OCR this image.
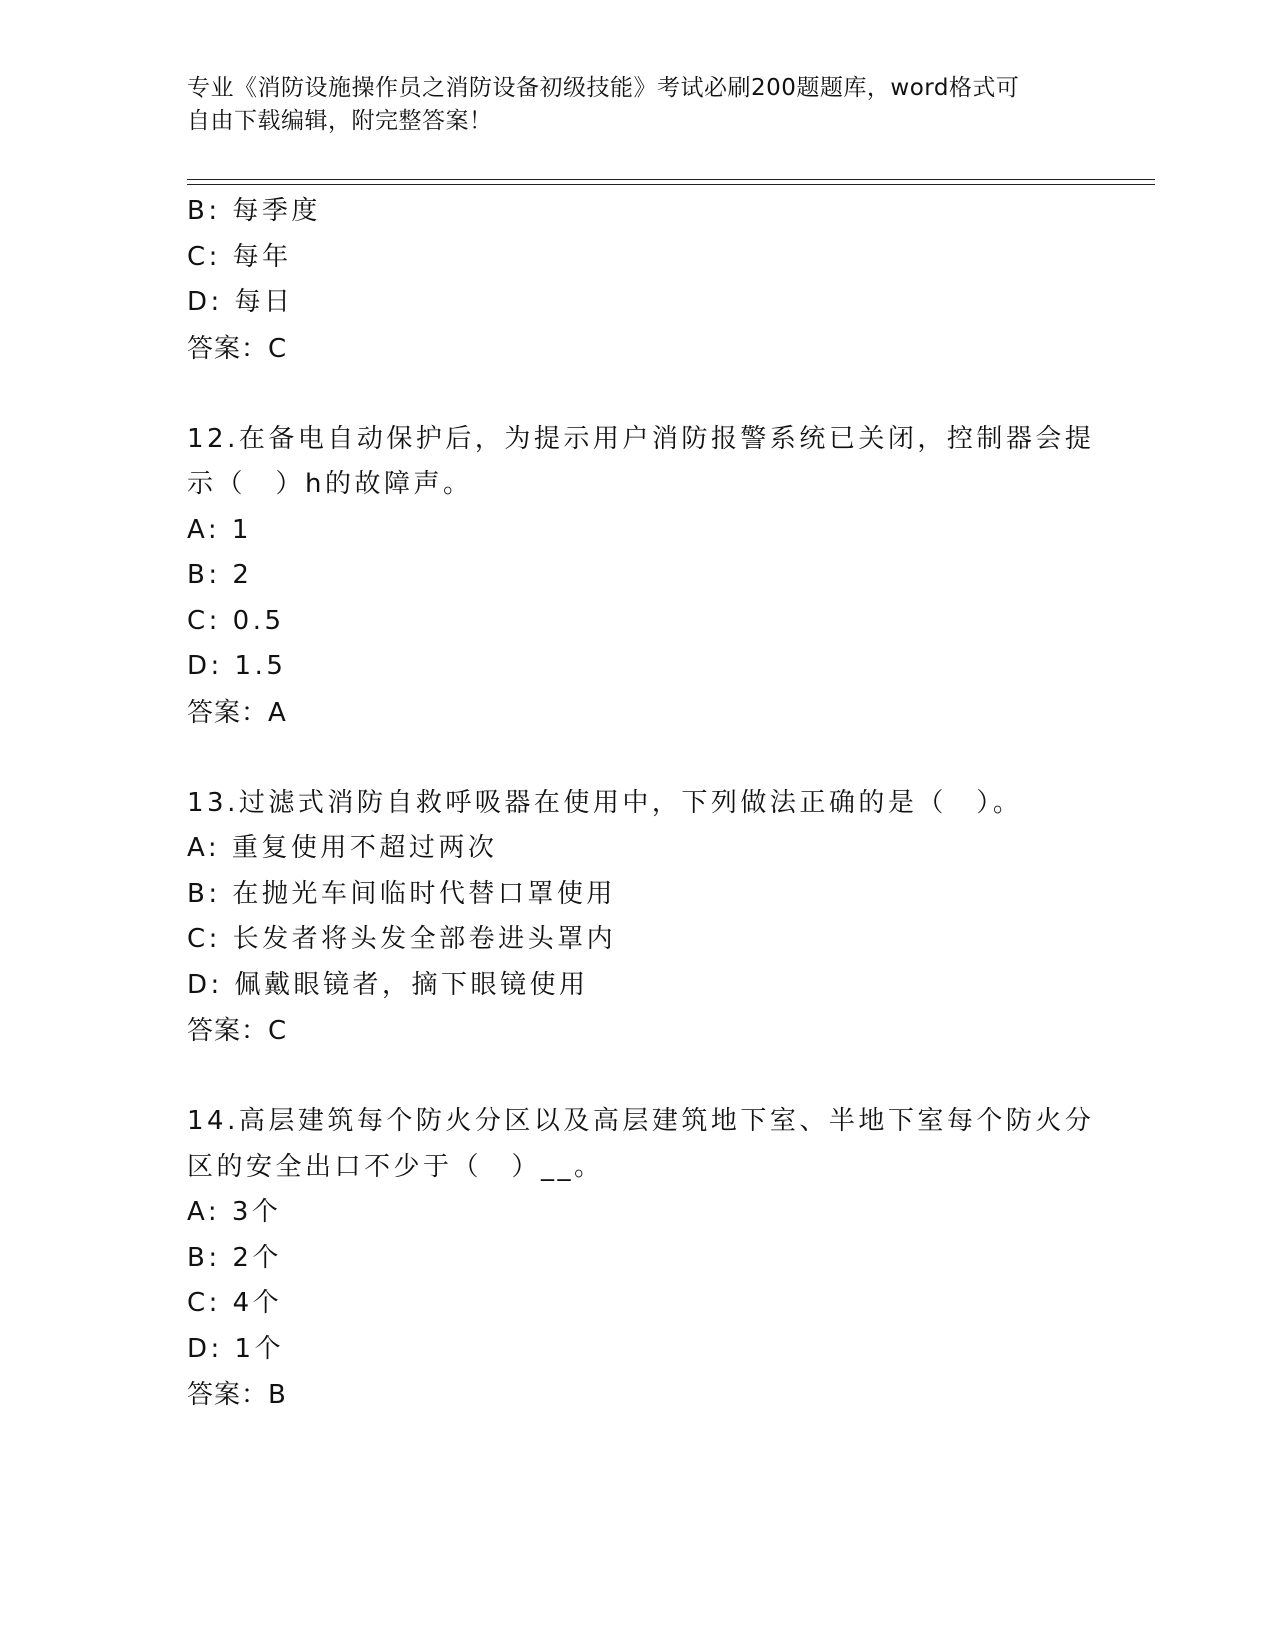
专业《消防设施操作员之消防设备初级技能》考试必刷200题题库，word格式可
自由下载编辑，附完整答案！
B: 每季度
C: 每年
D: 每日
答案：C
12.在备电自动保护后，为提示用户消防报警系统已关闭，控制器会提
示（　）h的故障声。
A: 1
B: 2
C: 0.5
D: 1.5
答案：A
13.过滤式消防自救呼吸器在使用中，下列做法正确的是（　）。
A: 重复使用不超过两次
B: 在抛光车间临时代替口罩使用
C: 长发者将头发全部卷进头罩内
D: 佩戴眼镜者，摘下眼镜使用
答案：C
14.高层建筑每个防火分区以及高层建筑地下室、半地下室每个防火分
区的安全出口不少于（　）__。
A: 3个
B: 2个
C: 4个
D: 1个
答案：B
